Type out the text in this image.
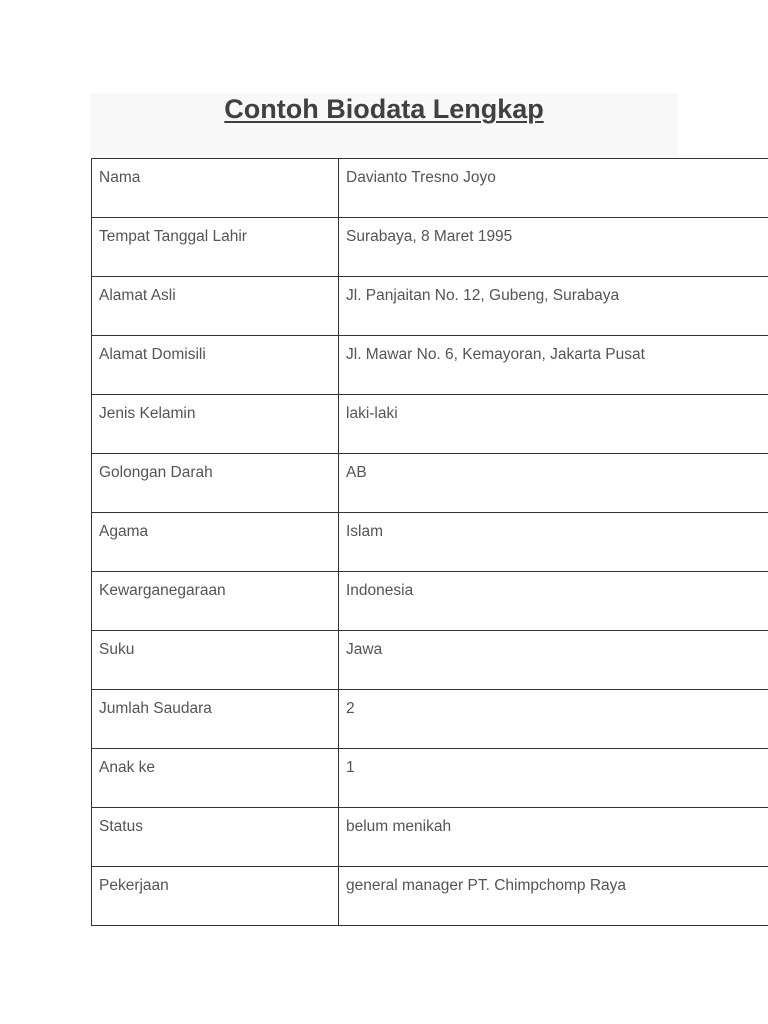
Contoh Biodata Lengkap
Nama	Davianto Tresno Joyo
Tempat Tanggal Lahir	Surabaya, 8 Maret 1995
Alamat Asli	Jl. Panjaitan No. 12, Gubeng, Surabaya
Alamat Domisili	Jl. Mawar No. 6, Kemayoran, Jakarta Pusat
Jenis Kelamin	laki-laki
Golongan Darah	AB
Agama	Islam
Kewarganegaraan	Indonesia
Suku	Jawa
Jumlah Saudara	2
Anak ke	1
Status	belum menikah
Pekerjaan	general manager PT. Chimpchomp Raya
